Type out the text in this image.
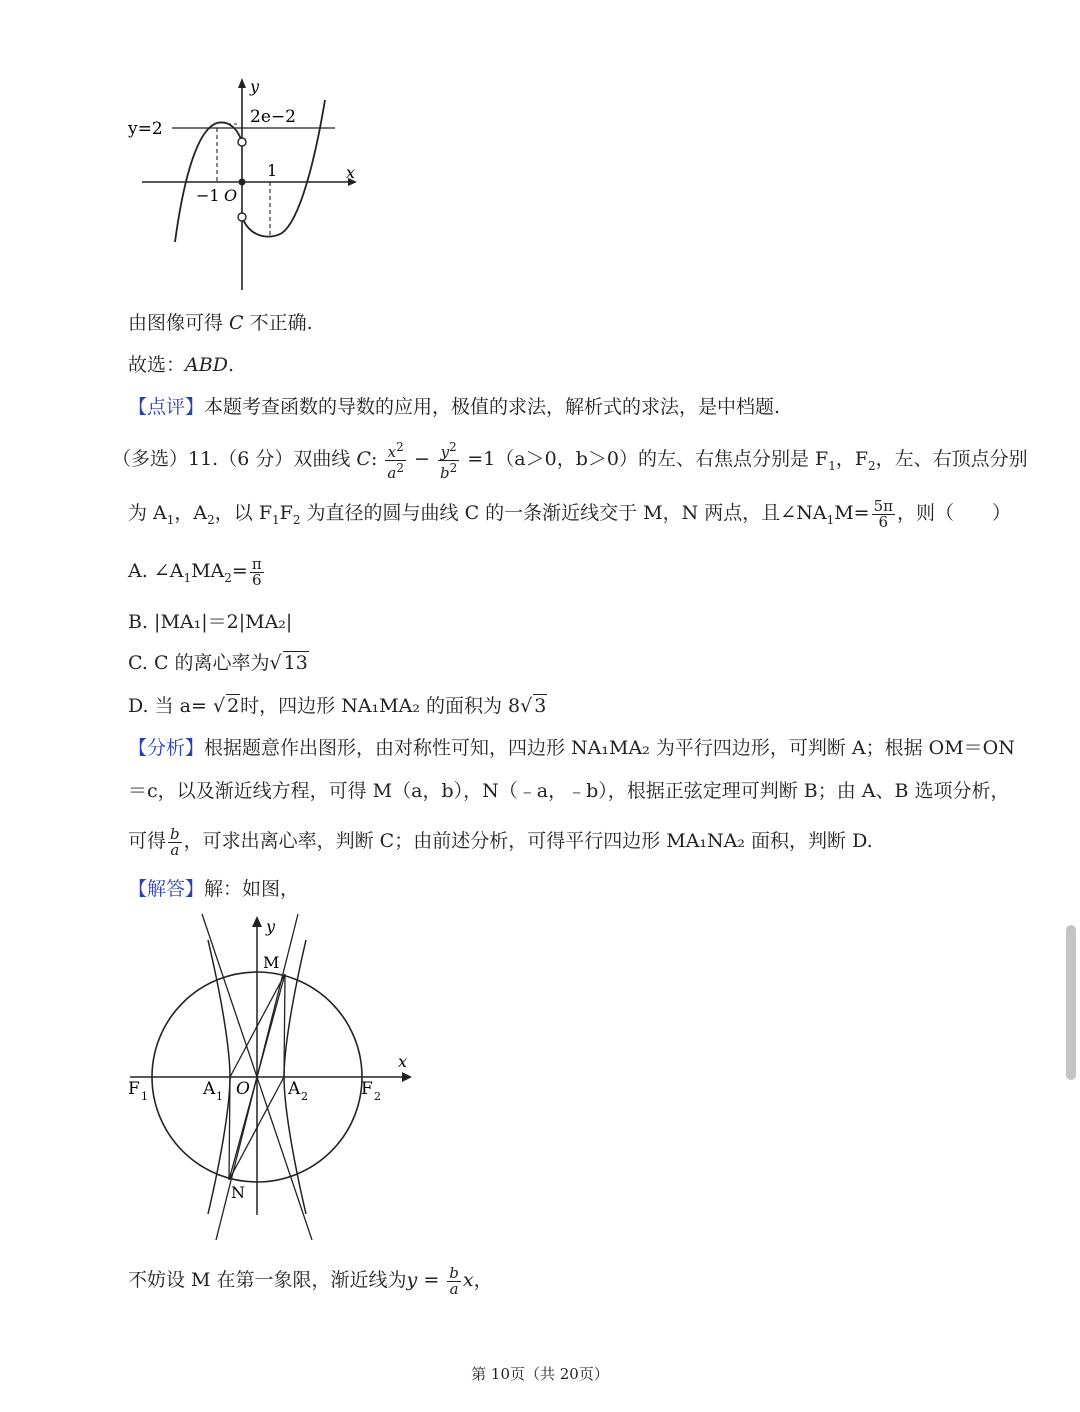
y=2
2e−2
y
x
1
−1 O
由图像可得 C 不正确.
故选：ABD.
【点评】本题考查函数的导数的应用，极值的求法，解析式的求法，是中档题.
（多选）11.（6 分）双曲线 C: $\frac{x^2}{a^2} - \frac{y^2}{b^2} =1(a>0$，b＞0）的左、右焦点分别是 $F_1$，$F_2$，左、右顶点分别
为 $A_1$，$A_2$，以 $F_1F_2$ 为直径的圆与曲线 C 的一条渐近线交于 M，N 两点，且$\angle NA_1M= \frac{5\pi}{6}$ ，则（　　）
A. $\angle A_1MA_2= \frac{\pi}{6}$
B. |MA₁|＝2|MA₂|
C. C 的离心率为√ 13
D. 当 a= √ 2时，四边形 NA₁MA₂ 的面积为 8√ 3
【分析】根据题意作出图形，由对称性可知，四边形 NA₁MA₂ 为平行四边形，可判断 A；根据 OM＝ON
＝c，以及渐近线方程，可得 M（a，b），N（﹣a，﹣b），根据正弦定理可判断 B；由 A、B 选项分析，
可得 $\frac{b}{a}$ ，可求出离心率，判断 C；由前述分析，可得平行四边形 MA₁NA₂ 面积，判断 D.
【解答】解：如图，
y
x
M
N
F 1	F 2
A 1	A 2
O
不妨设 M 在第一象限，渐近线为$y = \frac{b}{a}$ x，
第 10页（共 20页）
